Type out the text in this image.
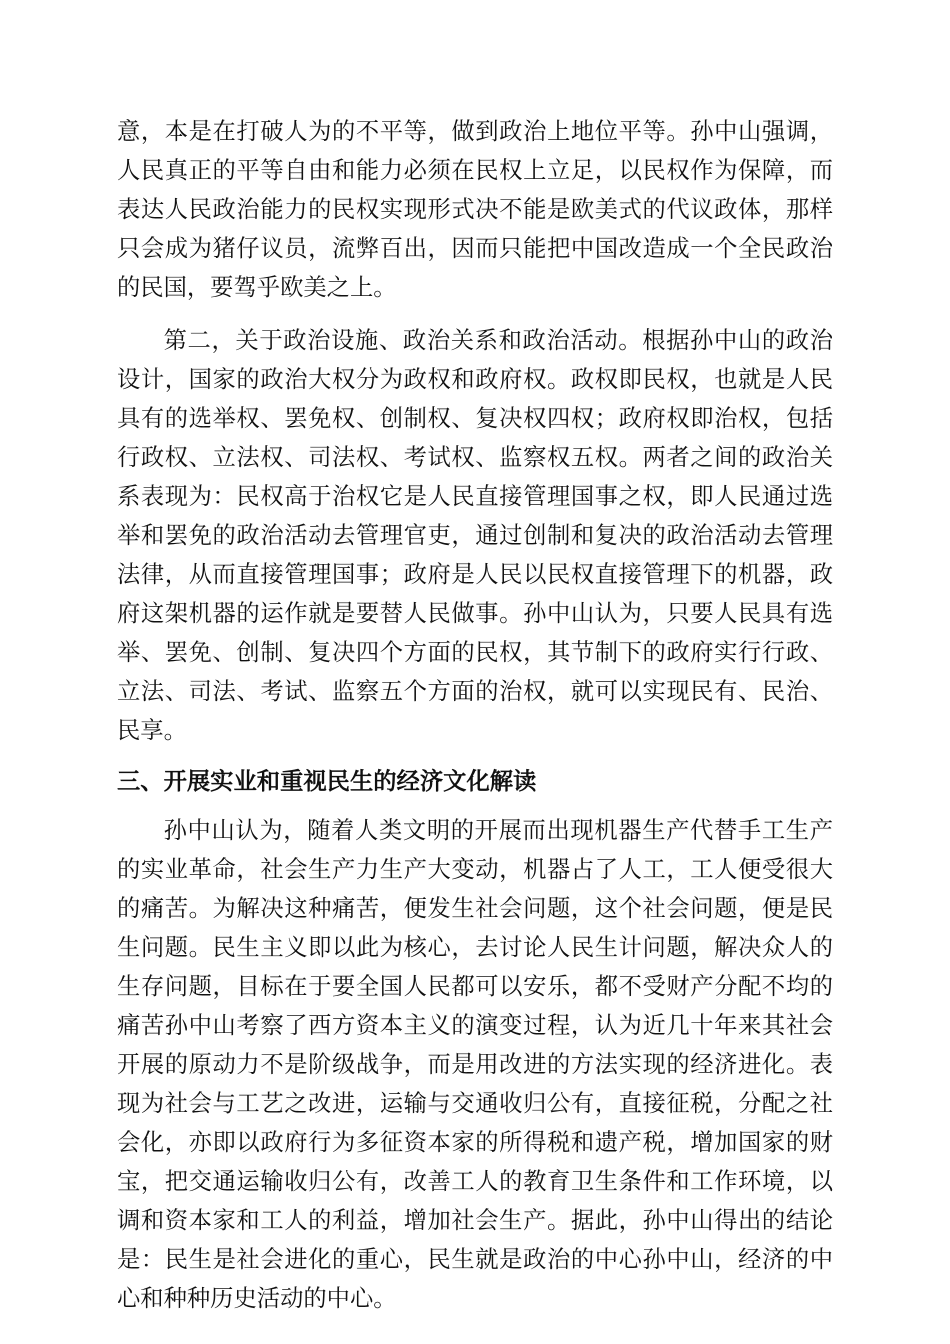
意，本是在打破人为的不平等，做到政治上地位平等。孙中山强调，人民真正的平等自由和能力必须在民权上立足，以民权作为保障，而表达人民政治能力的民权实现形式决不能是欧美式的代议政体，那样只会成为猪仔议员，流弊百出，因而只能把中国改造成一个全民政治的民国，要驾乎欧美之上。

第二，关于政治设施、政治关系和政治活动。根据孙中山的政治设计，国家的政治大权分为政权和政府权。政权即民权，也就是人民具有的选举权、罢免权、创制权、复决权四权；政府权即治权，包括行政权、立法权、司法权、考试权、监察权五权。两者之间的政治关系表现为：民权高于治权它是人民直接管理国事之权，即人民通过选举和罢免的政治活动去管理官吏，通过创制和复决的政治活动去管理法律，从而直接管理国事；政府是人民以民权直接管理下的机器，政府这架机器的运作就是要替人民做事。孙中山认为，只要人民具有选举、罢免、创制、复决四个方面的民权，其节制下的政府实行行政、立法、司法、考试、监察五个方面的治权，就可以实现民有、民治、民享。

三、开展实业和重视民生的经济文化解读

孙中山认为，随着人类文明的开展而出现机器生产代替手工生产的实业革命，社会生产力生产大变动，机器占了人工，工人便受很大的痛苦。为解决这种痛苦，便发生社会问题，这个社会问题，便是民生问题。民生主义即以此为核心，去讨论人民生计问题，解决众人的生存问题，目标在于要全国人民都可以安乐，都不受财产分配不均的痛苦孙中山考察了西方资本主义的演变过程，认为近几十年来其社会开展的原动力不是阶级战争，而是用改进的方法实现的经济进化。表现为社会与工艺之改进，运输与交通收归公有，直接征税，分配之社会化，亦即以政府行为多征资本家的所得税和遗产税，增加国家的财宝，把交通运输收归公有，改善工人的教育卫生条件和工作环境，以调和资本家和工人的利益，增加社会生产。据此，孙中山得出的结论是：民生是社会进化的重心，民生就是政治的中心孙中山，经济的中心和种种历史活动的中心。
